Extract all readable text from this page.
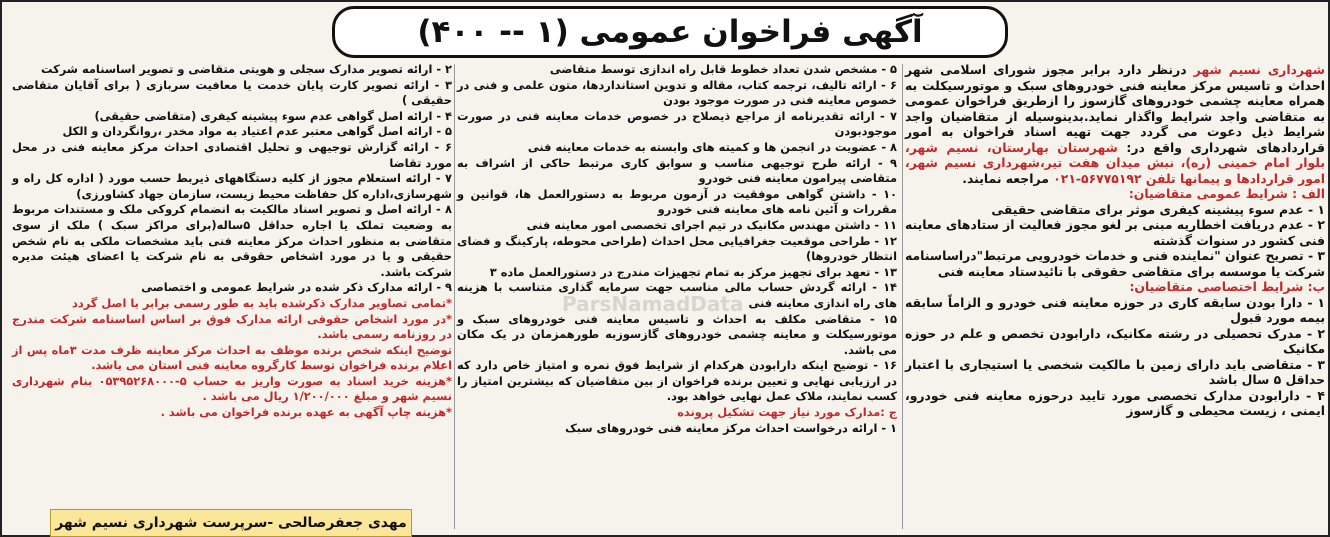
آگهی فراخوان عمومی (۱ -- ۴۰۰)
ParsNamadData

شهرداری نسیم شهر درنظر دارد برابر مجوز شورای اسلامی شهر احداث و تاسیس مرکز معاینه فنی خودروهای سبک و موتورسیکلت به همراه معاینه چشمی خودروهای گازسوز را ازطریق فراخوان عمومی به متقاضی واجد شرایط واگذار نماید.بدینوسیله از متقاضیان واجد شرایط ذیل دعوت می گردد جهت تهیه اسناد فراخوان به امور قراردادهای شهرداری واقع در: شهرستان بهارستان، نسیم شهر، بلوار امام خمینی (ره)، نبش میدان هفت تیر،شهرداری نسیم شهر، امور قراردادها و پیمانها تلفن ۵۶۷۷۵۱۹۲-۰۲۱ مراجعه نمایند.

الف : شرایط عمومی متقاضیان:

۱ - عدم سوء پیشینه کیفری موثر برای متقاضی حقیقی

۲ - عدم دریافت اخطاریه مبنی بر لغو مجوز فعالیت از ستادهای معاینه فنی کشور در سنوات گذشته

۳ - تصریح عنوان "نماینده فنی و خدمات خودرویی مرتبط"دراساسنامه شرکت یا موسسه برای متقاضی حقوقی با تائیدستاد معاینه فنی

ب: شرایط اختصاصی متقاضیان:

۱ - دارا بودن سابقه کاری در حوزه معاینه فنی خودرو و الزاماً سابقه بیمه مورد قبول

۲ - مدرک تحصیلی در رشته مکانیک، دارابودن تخصص و علم در حوزه مکانیک

۳ - متقاضی باید دارای زمین با مالکیت شخصی یا استیجاری با اعتبار حداقل ۵ سال باشد

۴ - دارابودن مدارک تخصصی مورد تایید درحوزه معاینه فنی خودرو، ایمنی ، زیست محیطی و گازسوز

۵ - مشخص شدن تعداد خطوط قابل راه اندازی توسط متقاضی

۶ - ارائه تالیف، ترجمه کتاب، مقاله و تدوین استانداردها، متون علمی و فنی در خصوص معاینه فنی در صورت موجود بودن

۷ - ارائه تقدیرنامه از مراجع ذیصلاح در خصوص خدمات معاینه فنی در صورت موجودبودن

۸ - عضویت در انجمن ها و کمیته های وابسته به خدمات معاینه فنی

۹ - ارائه طرح توجیهی مناسب و سوابق کاری مرتبط حاکی از اشراف به متقاضی پیرامون معاینه فنی خودرو

۱۰ - داشتن گواهی موفقیت در آزمون مربوط به دستورالعمل ها، قوانین و مقررات و آئین نامه های معاینه فنی خودرو

۱۱ - داشتن مهندس مکانیک در تیم اجرای تخصصی امور معاینه فنی

۱۲ - طراحی موقعیت جغرافیایی محل احداث (طراحی محوطه، پارکینگ و فضای انتظار خودروها)

۱۳ - تعهد برای تجهیز مرکز به تمام تجهیزات مندرج در دستورالعمل ماده ۳

۱۴ - ارائه گردش حساب مالی مناسب جهت سرمایه گذاری متناسب با هزینه های راه اندازی معاینه فنی

۱۵ - متقاضی مکلف به احداث و تاسیس معاینه فنی خودروهای سبک و موتورسیکلت و معاینه چشمی خودروهای گازسوزبه طورهمزمان در یک مکان می باشد.

۱۶ - توضیح اینکه دارابودن هرکدام از شرایط فوق نمره و امتیاز خاص دارد که در ارزیابی نهایی و تعیین برنده فراخوان از بین متقاضیان که بیشترین امتیاز را کسب نمایند، ملاک عمل نهایی خواهد بود.

ج :مدارک مورد نیاز جهت تشکیل پرونده

۱ - ارائه درخواست احداث مرکز معاینه فنی خودروهای سبک

۲ - ارائه تصویر مدارک سجلی و هویتی متقاضی و تصویر اساسنامه شرکت

۳ - ارائه تصویر کارت پایان خدمت یا معافیت سربازی ( برای آقایان متقاضی حقیقی )

۴ - ارائه اصل گواهی عدم سوء پیشینه کیفری (متقاضی حقیقی)

۵ - ارائه اصل گواهی معتبر عدم اعتیاد به مواد مخدر ،روانگردان و الکل

۶ - ارائه گزارش توجیهی و تحلیل اقتصادی احداث مرکز معاینه فنی در محل مورد تقاضا

۷ - ارائه استعلام مجوز از کلیه دستگاههای ذیربط حسب مورد ( اداره کل راه و شهرسازی،اداره کل حفاظت محیط زیست، سازمان جهاد کشاورزی)

۸ - ارائه اصل و تصویر اسناد مالکیت به انضمام کروکی ملک و مستندات مربوط به وضعیت تملک یا اجاره حداقل ۵ساله(برای مراکز سبک ) ملک از سوی متقاضی به منظور احداث مرکز معاینه فنی باید مشخصات ملکی به نام شخص حقیقی و یا در مورد اشخاص حقوقی به نام شرکت یا اعضای هیئت مدیره شرکت باشد.

۹ - ارائه مدارک ذکر شده در شرایط عمومی و اختصاصی

*تمامی تصاویر مدارک ذکرشده باید به طور رسمی برابر با اصل گردد

*در مورد اشخاص حقوقی ارائه مدارک فوق بر اساس اساسنامه شرکت مندرج در روزنامه رسمی باشد.

توضیح اینکه شخص برنده موظف به احداث مرکز معاینه ظرف مدت ۳ماه پس از اعلام برنده فراخوان توسط کارگروه معاینه فنی استان می باشد.

*هزینه خرید اسناد به صورت واریز به حساب ۵-۰۵۳۹۵۲۶۸۰۰۰ بنام شهرداری نسیم شهر و مبلغ ۱/۲۰۰/۰۰۰ ریال می باشد .

*هزینه چاپ آگهی به عهده برنده فراخوان می باشد .

مهدی جعفرصالحی -سرپرست شهرداری نسیم شهر
